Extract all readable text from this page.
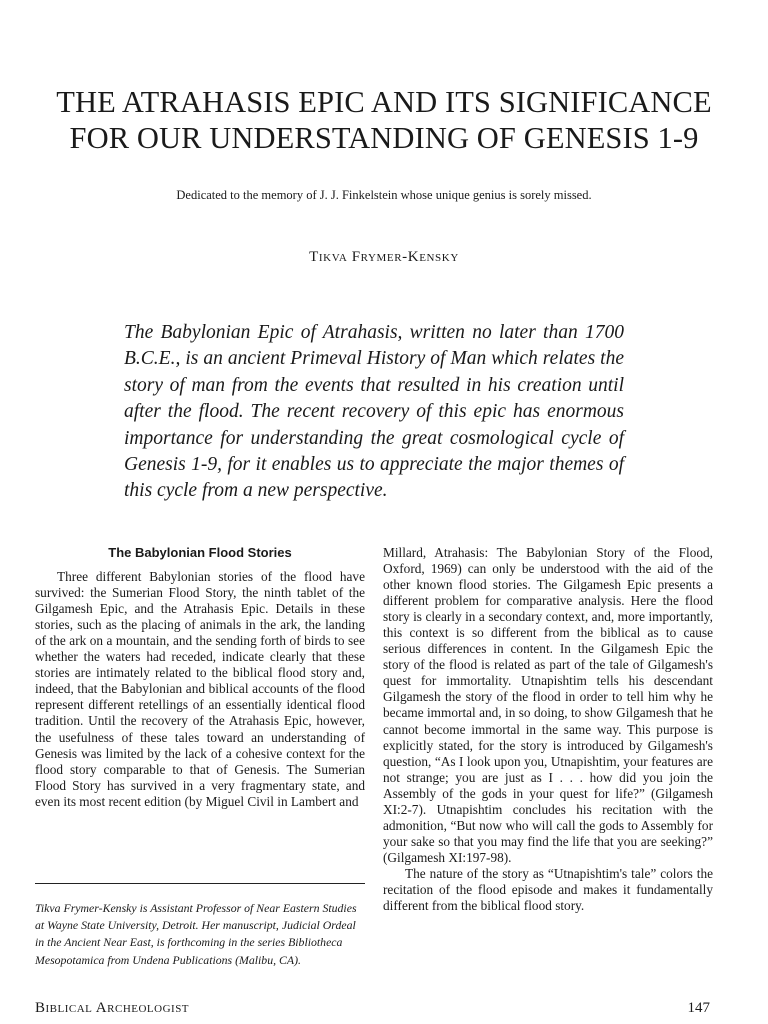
THE ATRAHASIS EPIC AND ITS SIGNIFICANCE
FOR OUR UNDERSTANDING OF GENESIS 1-9
Dedicated to the memory of J. J. Finkelstein whose unique genius is sorely missed.
Tikva Frymer-Kensky

The Babylonian Epic of Atrahasis, written no later than 1700 B.C.E., is an ancient Primeval History of Man which relates the story of man from the events that resulted in his creation until after the flood. The recent recovery of this epic has enormous importance for understanding the great cosmological cycle of Genesis 1-9, for it enables us to appreciate the major themes of this cycle from a new perspective.

The Babylonian Flood Stories

Three different Babylonian stories of the flood have survived: the Sumerian Flood Story, the ninth tablet of the Gilgamesh Epic, and the Atrahasis Epic. Details in these stories, such as the placing of animals in the ark, the landing of the ark on a mountain, and the sending forth of birds to see whether the waters had receded, indicate clearly that these stories are intimately related to the biblical flood story and, indeed, that the Babylonian and biblical accounts of the flood represent different retellings of an essentially identical flood tradition. Until the recovery of the Atrahasis Epic, however, the usefulness of these tales toward an understanding of Genesis was limited by the lack of a cohesive context for the flood story comparable to that of Genesis. The Sumerian Flood Story has survived in a very fragmentary state, and even its most recent edition (by Miguel Civil in Lambert and

Millard, Atrahasis: The Babylonian Story of the Flood, Oxford, 1969) can only be understood with the aid of the other known flood stories. The Gilgamesh Epic presents a different problem for comparative analysis. Here the flood story is clearly in a secondary context, and, more importantly, this context is so different from the biblical as to cause serious differences in content. In the Gilgamesh Epic the story of the flood is related as part of the tale of Gilgamesh's quest for immortality. Utnapishtim tells his descendant Gilgamesh the story of the flood in order to tell him why he became immortal and, in so doing, to show Gilgamesh that he cannot become immortal in the same way. This purpose is explicitly stated, for the story is introduced by Gilgamesh's question, “As I look upon you, Utnapishtim, your features are not strange; you are just as I . . . how did you join the Assembly of the gods in your quest for life?” (Gilgamesh XI:2-7). Utnapishtim concludes his recitation with the admonition, “But now who will call the gods to Assembly for your sake so that you may find the life that you are seeking?” (Gilgamesh XI:197-98).

The nature of the story as “Utnapishtim's tale” colors the recitation of the flood episode and makes it fundamentally different from the biblical flood story.

Tikva Frymer-Kensky is Assistant Professor of Near Eastern Studies at Wayne State University, Detroit. Her manuscript, Judicial Ordeal in the Ancient Near East, is forthcoming in the series Bibliotheca Mesopotamica from Undena Publications (Malibu, CA).
Biblical Archeologist	147
